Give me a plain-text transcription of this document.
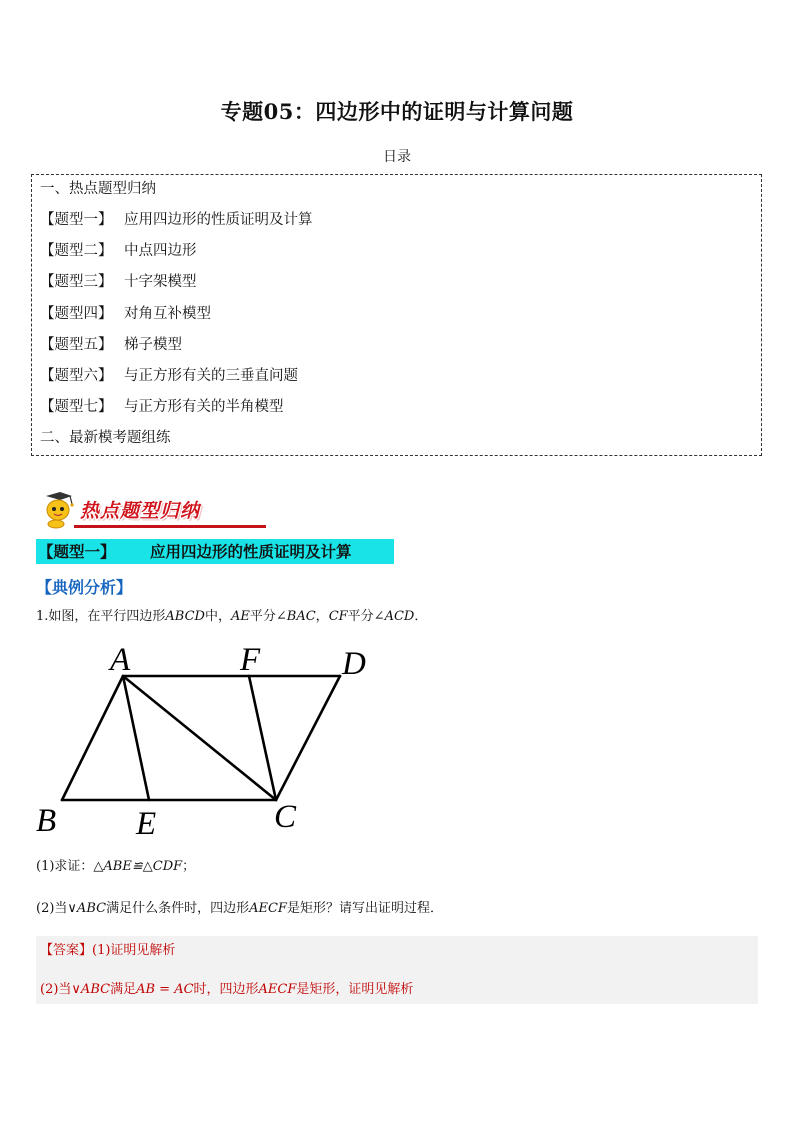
专题05：四边形中的证明与计算问题
日录
一、热点题型归纳
【题型一】 应用四边形的性质证明及计算
【题型二】 中点四边形
【题型三】 十字架模型
【题型四】 对角互补模型
【题型五】 梯子模型
【题型六】 与正方形有关的三垂直问题
【题型七】 与正方形有关的半角模型
二、最新模考题组练
热点题型归纳
【题型一】 应用四边形的性质证明及计算
【典例分析】
1.如图，在平行四边形ABCD中，AE平分∠BAC，CF平分∠ACD．
A	F D
B E	C
(1)求证：△ABE≌△CDF；
(2)当∨ABC满足什么条件时，四边形AECF是矩形？请写出证明过程．
【答案】(1)证明见解析
(2)当∨ABC满足AB = AC时，四边形AECF是矩形，证明见解析
